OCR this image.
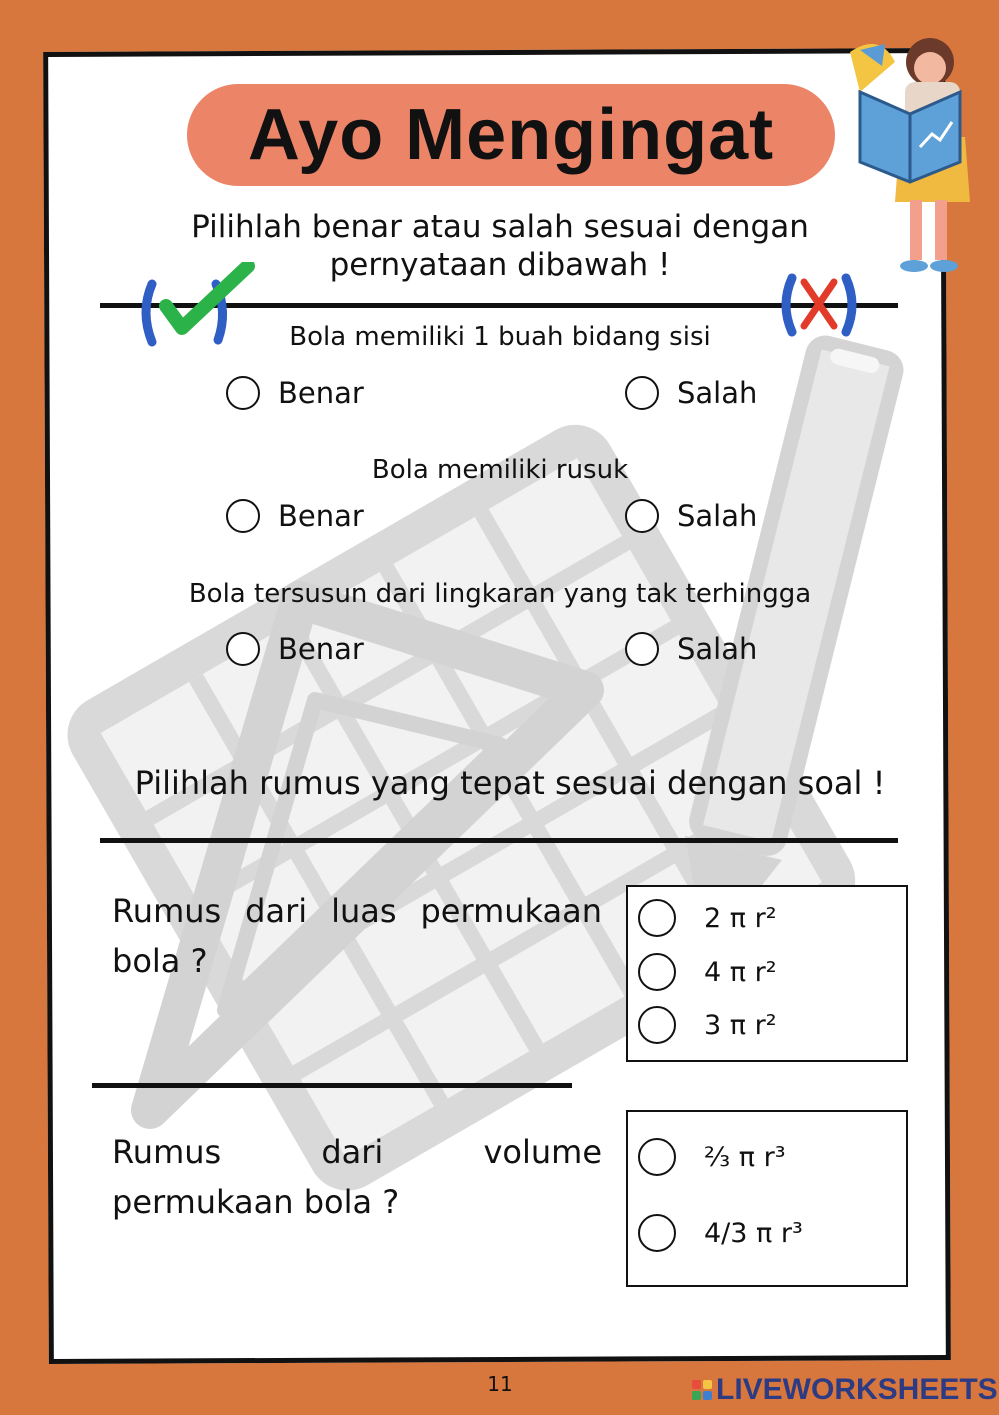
Ayo Mengingat
Pilihlah benar atau salah sesuai dengan pernyataan dibawah !
Bola memiliki 1 buah bidang sisi
Benar	Salah
Bola memiliki rusuk
Benar	Salah
Bola tersusun dari lingkaran yang tak terhingga
Benar	Salah
Pilihlah rumus yang tepat sesuai dengan soal !
Rumus dari luas permukaan bola ?
2 π r²
4 π r²
3 π r²
Rumus dari volume permukaan bola ?
⅔ π r³
4/3 π r³
11	LIVEWORKSHEETS
